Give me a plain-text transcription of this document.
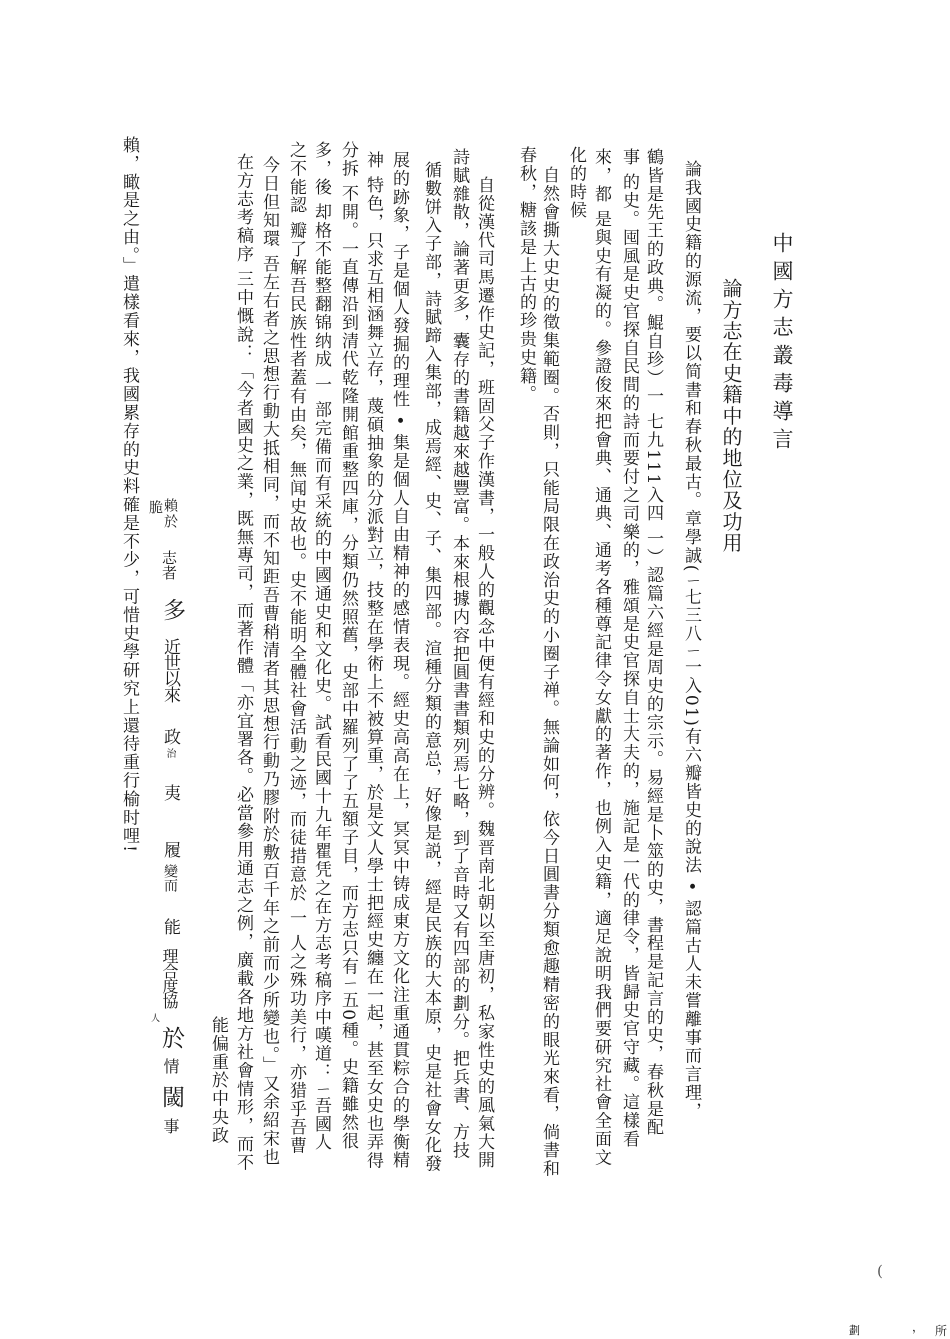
中國方志叢毒導言
論方志在史籍中的地位及功用
論我國史籍的源流，要以简書和春秋最古。章學誠(ㄧ七三八ㄧ一入01)有六瓣皆史的說法 • 認篇古人未嘗離事而言理，
鶴皆是先王的政典。鯤自珍）一 七九111入四 一）認篇六經是周史的宗示。易經是卜筮的史，書程是記言的史，春秋是配
事 的史。囤風是史官探自民間的詩而要付之司樂的，雅頌是史官探自士大夫的，施記是一代的律令，皆歸史官守藏。這樣看
來，都 是與史有凝的。參證俊來把會典、通典、通考各種尊記律令女獻的著作，也例入史籍，適足說明我們要研究社會全面文
化的時候
自然會撕大史史的徵集範圈。否則，只能局限在政治史的小圈子禅。無論如何，依今日圓書分類愈趣精密的眼光來看，倘書和
春秋，糖該是上古的珍贵史籍。
自從漢代司馬遷作史記，班固父子作漢書，一般人的觀念中便有經和史的分辨。魏晋南北朝以至唐初，私家性史的風氣大開
詩賦雜散，論著更多，囊存的書籍越來越豐富。本來根據内容把圓書書類列焉七略，到了音時又有四部的劃分。把兵書、方技
循數饼入子部，詩賦蹄入集部，成焉經、史、子、集四部。渲種分類的意总，好像是説，經是民族的大本原，史是社會女化發
展的跡象，子是個人發掘的理性 • 集是個人自由精神的感情表現。經史高高在上，冥冥中铸成東方文化注重通貫粽合的學衡精
神 特色，只求互相涵舞立存，蔑碩抽象的分派對立，技整在學術上不被算重，於是文人學士把經史纏在一起，甚至女史也弄得
分拆 不開。一直傳沿到清代乾隆開館重整四庫，分類仍然照舊，史部中羅列了了五額子目，而方志只有ㄧ五0種。史籍雖然很
多，後 却格不能整翻锦纳成 一 部完備而有采統的中國通史和文化史。試看民國十九年瞿凭之在方志考稿序中嘆道：ㄧ吾國人
之不能認 瓣了解吾民族性者蓋有由矣，無闻史故也。史不能明全體社會活動之迹，而徒措意於 一 人之殊功美行，亦猎乎吾曹
今日但知環 吾左右者之思想行動大抵相同，而不知距吾曹稍清者其思想行動乃膠附於敷百千年之前而少所變也。」又余紹宋也
在方志考稿序 三中慨說：「今者國史之業，既無專司，而著作體「亦宜署各。必當參用通志之例，廣載各地方社會情形，而不
能偏重於中央政
賴，瞰是之由。」遣樣看來，我國累存的史料確是不少，可惜史學研究上還待重行榆时哩! 脆 賴
於
志
者
多
近世以來
政
治
夷
履
變而
能
理合度協
人
於
情
閾
事
(
劃	， 所
